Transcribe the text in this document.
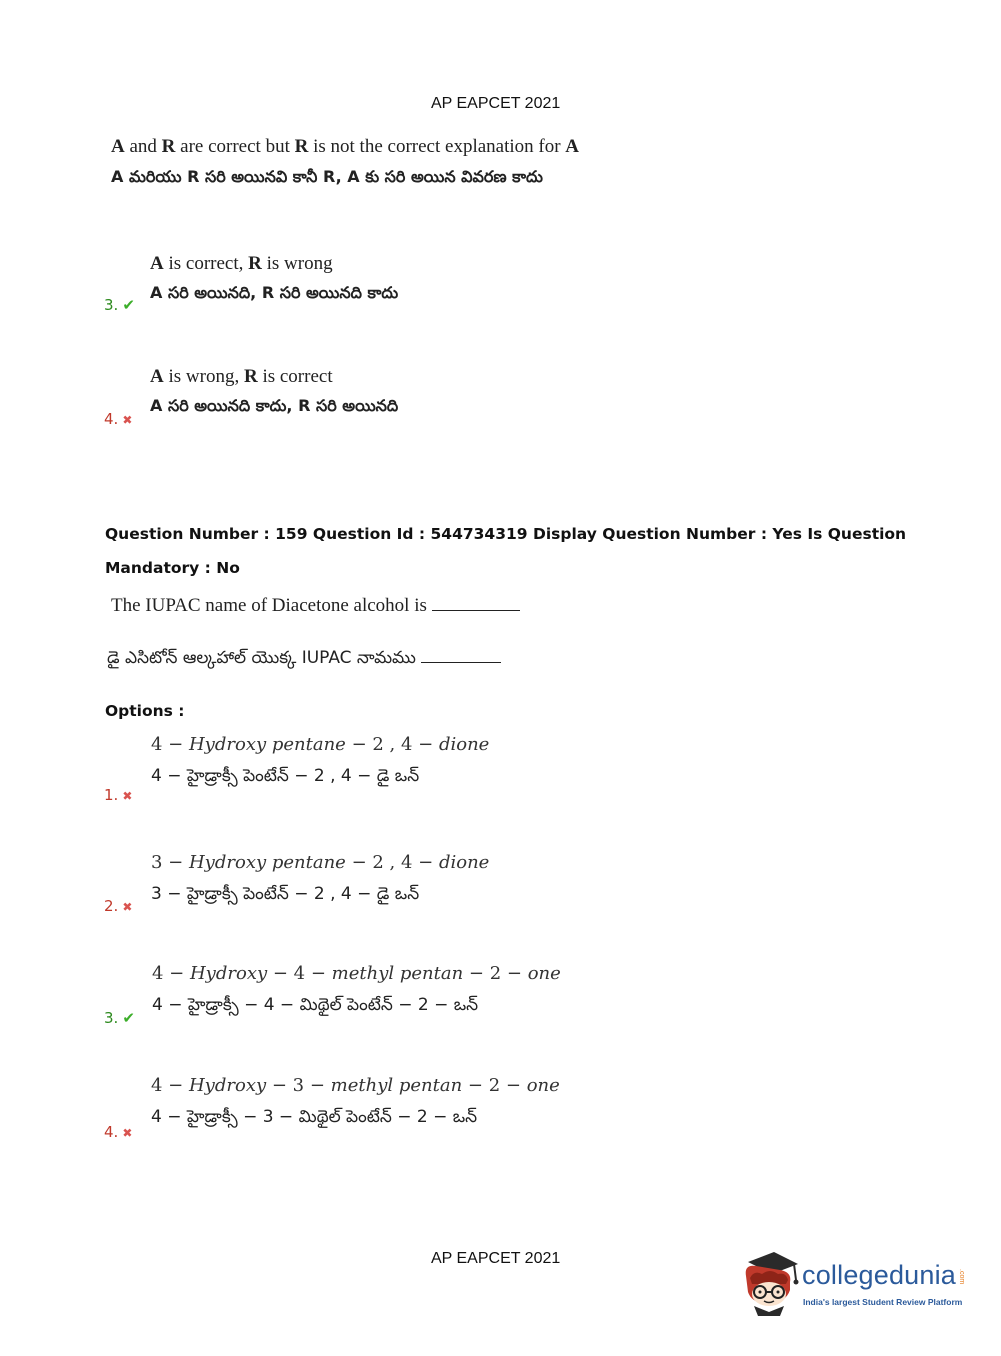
AP EAPCET 2021
A and R are correct but R is not the correct explanation for A
A మరియు R సరి అయినవి కానీ R, A కు సరి అయిన వివరణ కాదు
A is correct, R is wrong
A సరి అయినది, R సరి అయినది కాదు
3. ✔
A is wrong, R is correct
A సరి అయినది కాదు, R సరి అయినది
4. ✖
Question Number : 159 Question Id : 544734319 Display Question Number : Yes Is Question
Mandatory : No
The IUPAC name of Diacetone alcohol is
డై ఎసిటోన్ ఆల్కహాల్ యొక్క IUPAC నామము
Options :
4 − Hydroxy pentane − 2 , 4 − dione
4 − హైడ్రాక్సీ పెంటేన్ − 2 , 4 − డై ఒన్
1. ✖
3 − Hydroxy pentane − 2 , 4 − dione
3 − హైడ్రాక్సీ పెంటేన్ − 2 , 4 − డై ఒన్
2. ✖
4 − Hydroxy − 4 − methyl pentan − 2 − one
4 − హైడ్రాక్సీ − 4 − మిథైల్ పెంటేన్ − 2 − ఒన్
3. ✔
4 − Hydroxy − 3 − methyl pentan − 2 − one
4 − హైడ్రాక్సీ − 3 − మిథైల్ పెంటేన్ − 2 − ఒన్
4. ✖
AP EAPCET 2021
collegedunia .com
India's largest Student Review Platform
